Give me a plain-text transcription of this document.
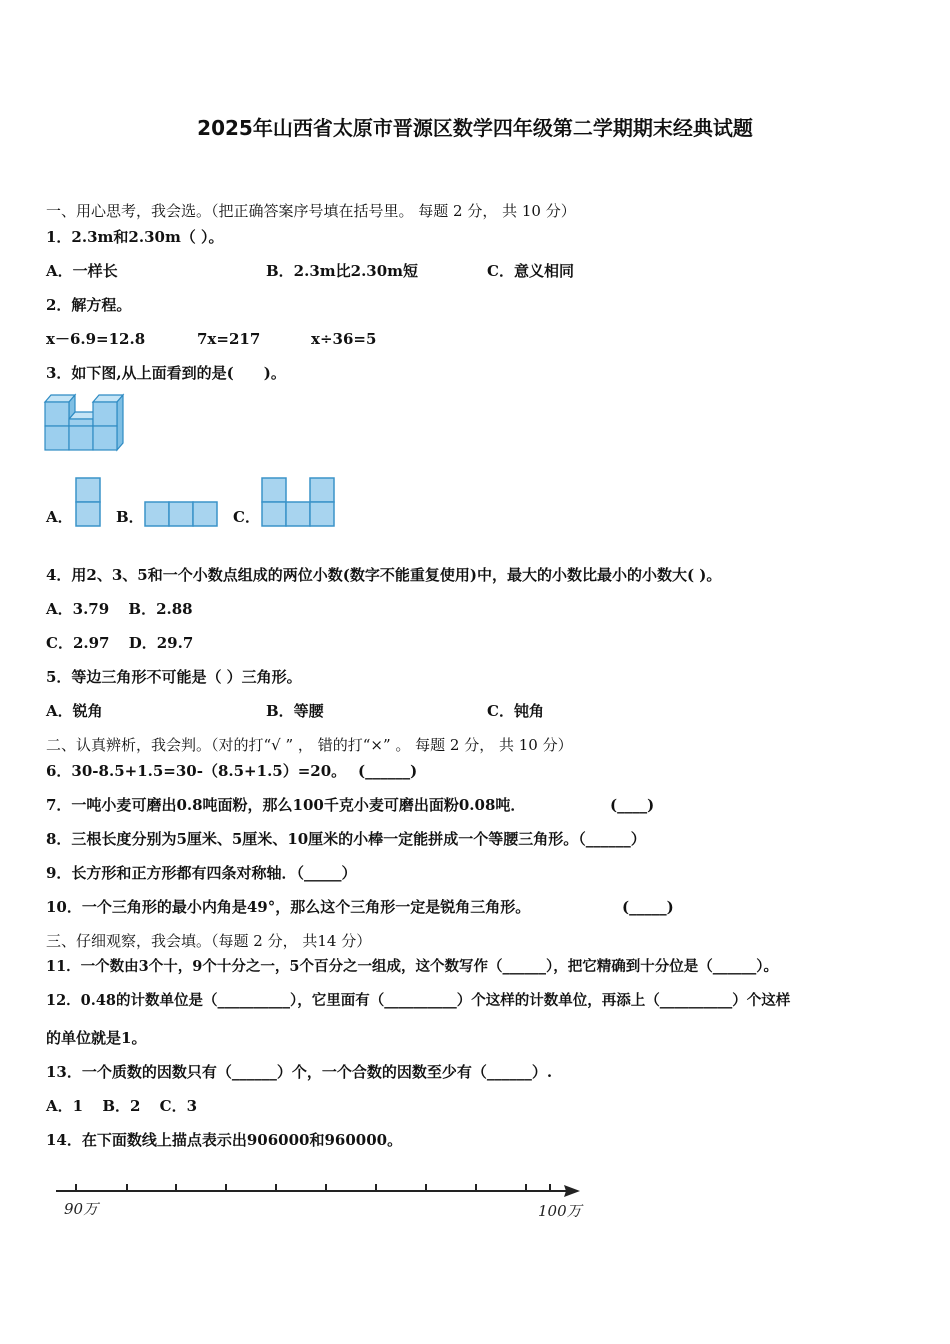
2025年山西省太原市晋源区数学四年级第二学期期末经典试题
一、用心思考，我会选。（把正确答案序号填在括号里。 每题 2 分， 共 10 分）
1．2.3m和2.30m（ ）。
A．一样长	B．2.3m比2.30m短	C．意义相同
2．解方程。
x－6.9=12.8	7x=217	x÷36=5
3．如下图,从上面看到的是(　　)。
A．	B．	C．
4．用2、3、5和一个小数点组成的两位小数(数字不能重复使用)中，最大的小数比最小的小数大( )。
A．3.79 B．2.88
C．2.97 D．29.7
5．等边三角形不可能是（ ）三角形。
A．锐角	B．等腰	C．钝角
二、认真辨析，我会判。（对的打“√ ” ， 错的打“×” 。 每题 2 分， 共 10 分）
6．30-8.5+1.5=30-（8.5+1.5）=20。 (______)
7．一吨小麦可磨出0.8吨面粉，那么100千克小麦可磨出面粉0.08吨．	(____)
8．三根长度分别为5厘米、5厘米、10厘米的小棒一定能拼成一个等腰三角形。（______）
9．长方形和正方形都有四条对称轴．（_____）
10．一个三角形的最小内角是49°，那么这个三角形一定是锐角三角形。	(_____)
三、仔细观察，我会填。（每题 2 分， 共14 分）
11．一个数由3个十，9个十分之一，5个百分之一组成，这个数写作（______），把它精确到十分位是（______）。
12．0.48的计数单位是（__________），它里面有（__________）个这样的计数单位，再添上（__________）个这样
的单位就是1。
13．一个质数的因数只有（______）个，一个合数的因数至少有（______）.
A．1 B．2 C．3
14．在下面数线上描点表示出906000和960000。
90万	100万
